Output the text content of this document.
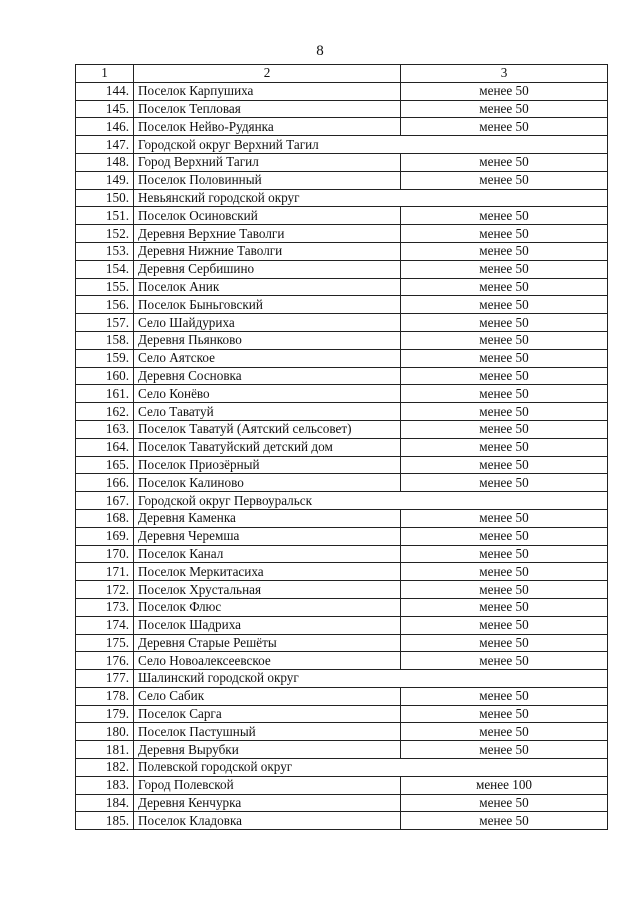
8
1	2	3
144.	Поселок Карпушиха	менее 50
145.	Поселок Тепловая	менее 50
146.	Поселок Нейво-Рудянка	менее 50
147.	Городской округ Верхний Тагил	
148.	Город Верхний Тагил	менее 50
149.	Поселок Половинный	менее 50
150.	Невьянский городской округ	
151.	Поселок Осиновский	менее 50
152.	Деревня Верхние Таволги	менее 50
153.	Деревня Нижние Таволги	менее 50
154.	Деревня Сербишино	менее 50
155.	Поселок Аник	менее 50
156.	Поселок Быньговский	менее 50
157.	Село Шайдуриха	менее 50
158.	Деревня Пьянково	менее 50
159.	Село Аятское	менее 50
160.	Деревня Сосновка	менее 50
161.	Село Конёво	менее 50
162.	Село Таватуй	менее 50
163.	Поселок Таватуй (Аятский сельсовет)	менее 50
164.	Поселок Таватуйский детский дом	менее 50
165.	Поселок Приозёрный	менее 50
166.	Поселок Калиново	менее 50
167.	Городской округ Первоуральск	
168.	Деревня Каменка	менее 50
169.	Деревня Черемша	менее 50
170.	Поселок Канал	менее 50
171.	Поселок Меркитасиха	менее 50
172.	Поселок Хрустальная	менее 50
173.	Поселок Флюс	менее 50
174.	Поселок Шадриха	менее 50
175.	Деревня Старые Решёты	менее 50
176.	Село Новоалексеевское	менее 50
177.	Шалинский городской округ	
178.	Село Сабик	менее 50
179.	Поселок Сарга	менее 50
180.	Поселок Пастушный	менее 50
181.	Деревня Вырубки	менее 50
182.	Полевской городской округ	
183.	Город Полевской	менее 100
184.	Деревня Кенчурка	менее 50
185.	Поселок Кладовка	менее 50
